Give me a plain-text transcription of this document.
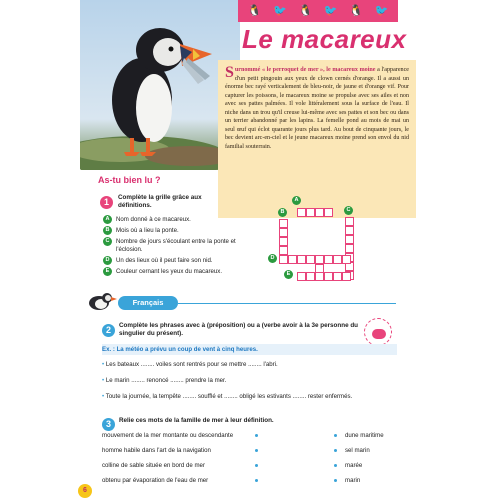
🐧 🐦 🐧 🐦 🐧 🐦
Le macareux
Surnommé « le perroquet de mer », le macareux moine a l'apparence d'un petit pingouin aux yeux de clown cernés d'orange. Il a aussi un énorme bec rayé verticalement de bleu-noir, de jaune et d'orange vif. Pour capturer les poissons, le macareux moine se propulse avec ses ailes et non avec ses pattes palmées. Il vole littéralement sous la surface de l'eau. Il niche dans un trou qu'il creuse lui-même avec ses pattes et son bec ou dans un terrier abandonné par les lapins. La femelle pond au mois de mai un seul œuf qui éclot quarante jours plus tard. Au bout de cinquante jours, le bec devient arc-en-ciel et le jeune macareux moine prend son envol du nid familial souterrain.
As-tu bien lu ?
1	Complète la grille grâce aux définitions.
A	Nom donné à ce macareux.
B	Mois où a lieu la ponte.
C	Nombre de jours s'écoulant entre la ponte et l'éclosion.
D	Un des lieux où il peut faire son nid.
E	Couleur cernant les yeux du macareux.
A
B	C
D
E
Français
2	Complète les phrases avec à (préposition) ou a (verbe avoir à la 3e personne du singulier du présent).
Ex. : La météo a prévu un coup de vent à cinq heures.
• Les bateaux ........ voiles sont rentrés pour se mettre ........ l'abri.
• Le marin ........ renoncé ........ prendre la mer.
• Toute la journée, la tempête ........ soufflé et ........ obligé les estivants ........ rester enfermés.
3	Relie ces mots de la famille de mer à leur définition.
mouvement de la mer montante ou descendante	dune maritime
homme habile dans l'art de la navigation	sel marin
colline de sable située en bord de mer	marée
obtenu par évaporation de l'eau de mer	marin
6
